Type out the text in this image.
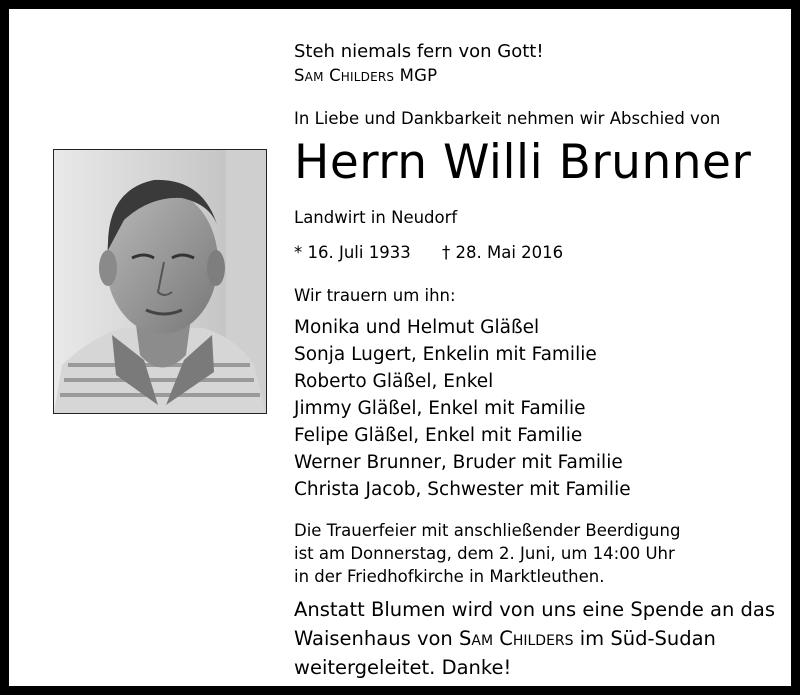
Steh niemals fern von Gott!
Sam Childers MGP
In Liebe und Dankbarkeit nehmen wir Abschied von
Herrn Willi Brunner
Landwirt in Neudorf
* 16. Juli 1933 † 28. Mai 2016
Wir trauern um ihn:
Monika und Helmut Gläßel
Sonja Lugert, Enkelin mit Familie
Roberto Gläßel, Enkel
Jimmy Gläßel, Enkel mit Familie
Felipe Gläßel, Enkel mit Familie
Werner Brunner, Bruder mit Familie
Christa Jacob, Schwester mit Familie
Die Trauerfeier mit anschließender Beerdigung
ist am Donnerstag, dem 2. Juni, um 14:00 Uhr
in der Friedhofkirche in Marktleuthen.
Anstatt Blumen wird von uns eine Spende an das
Waisenhaus von Sam Childers im Süd-Sudan
weitergeleitet. Danke!
